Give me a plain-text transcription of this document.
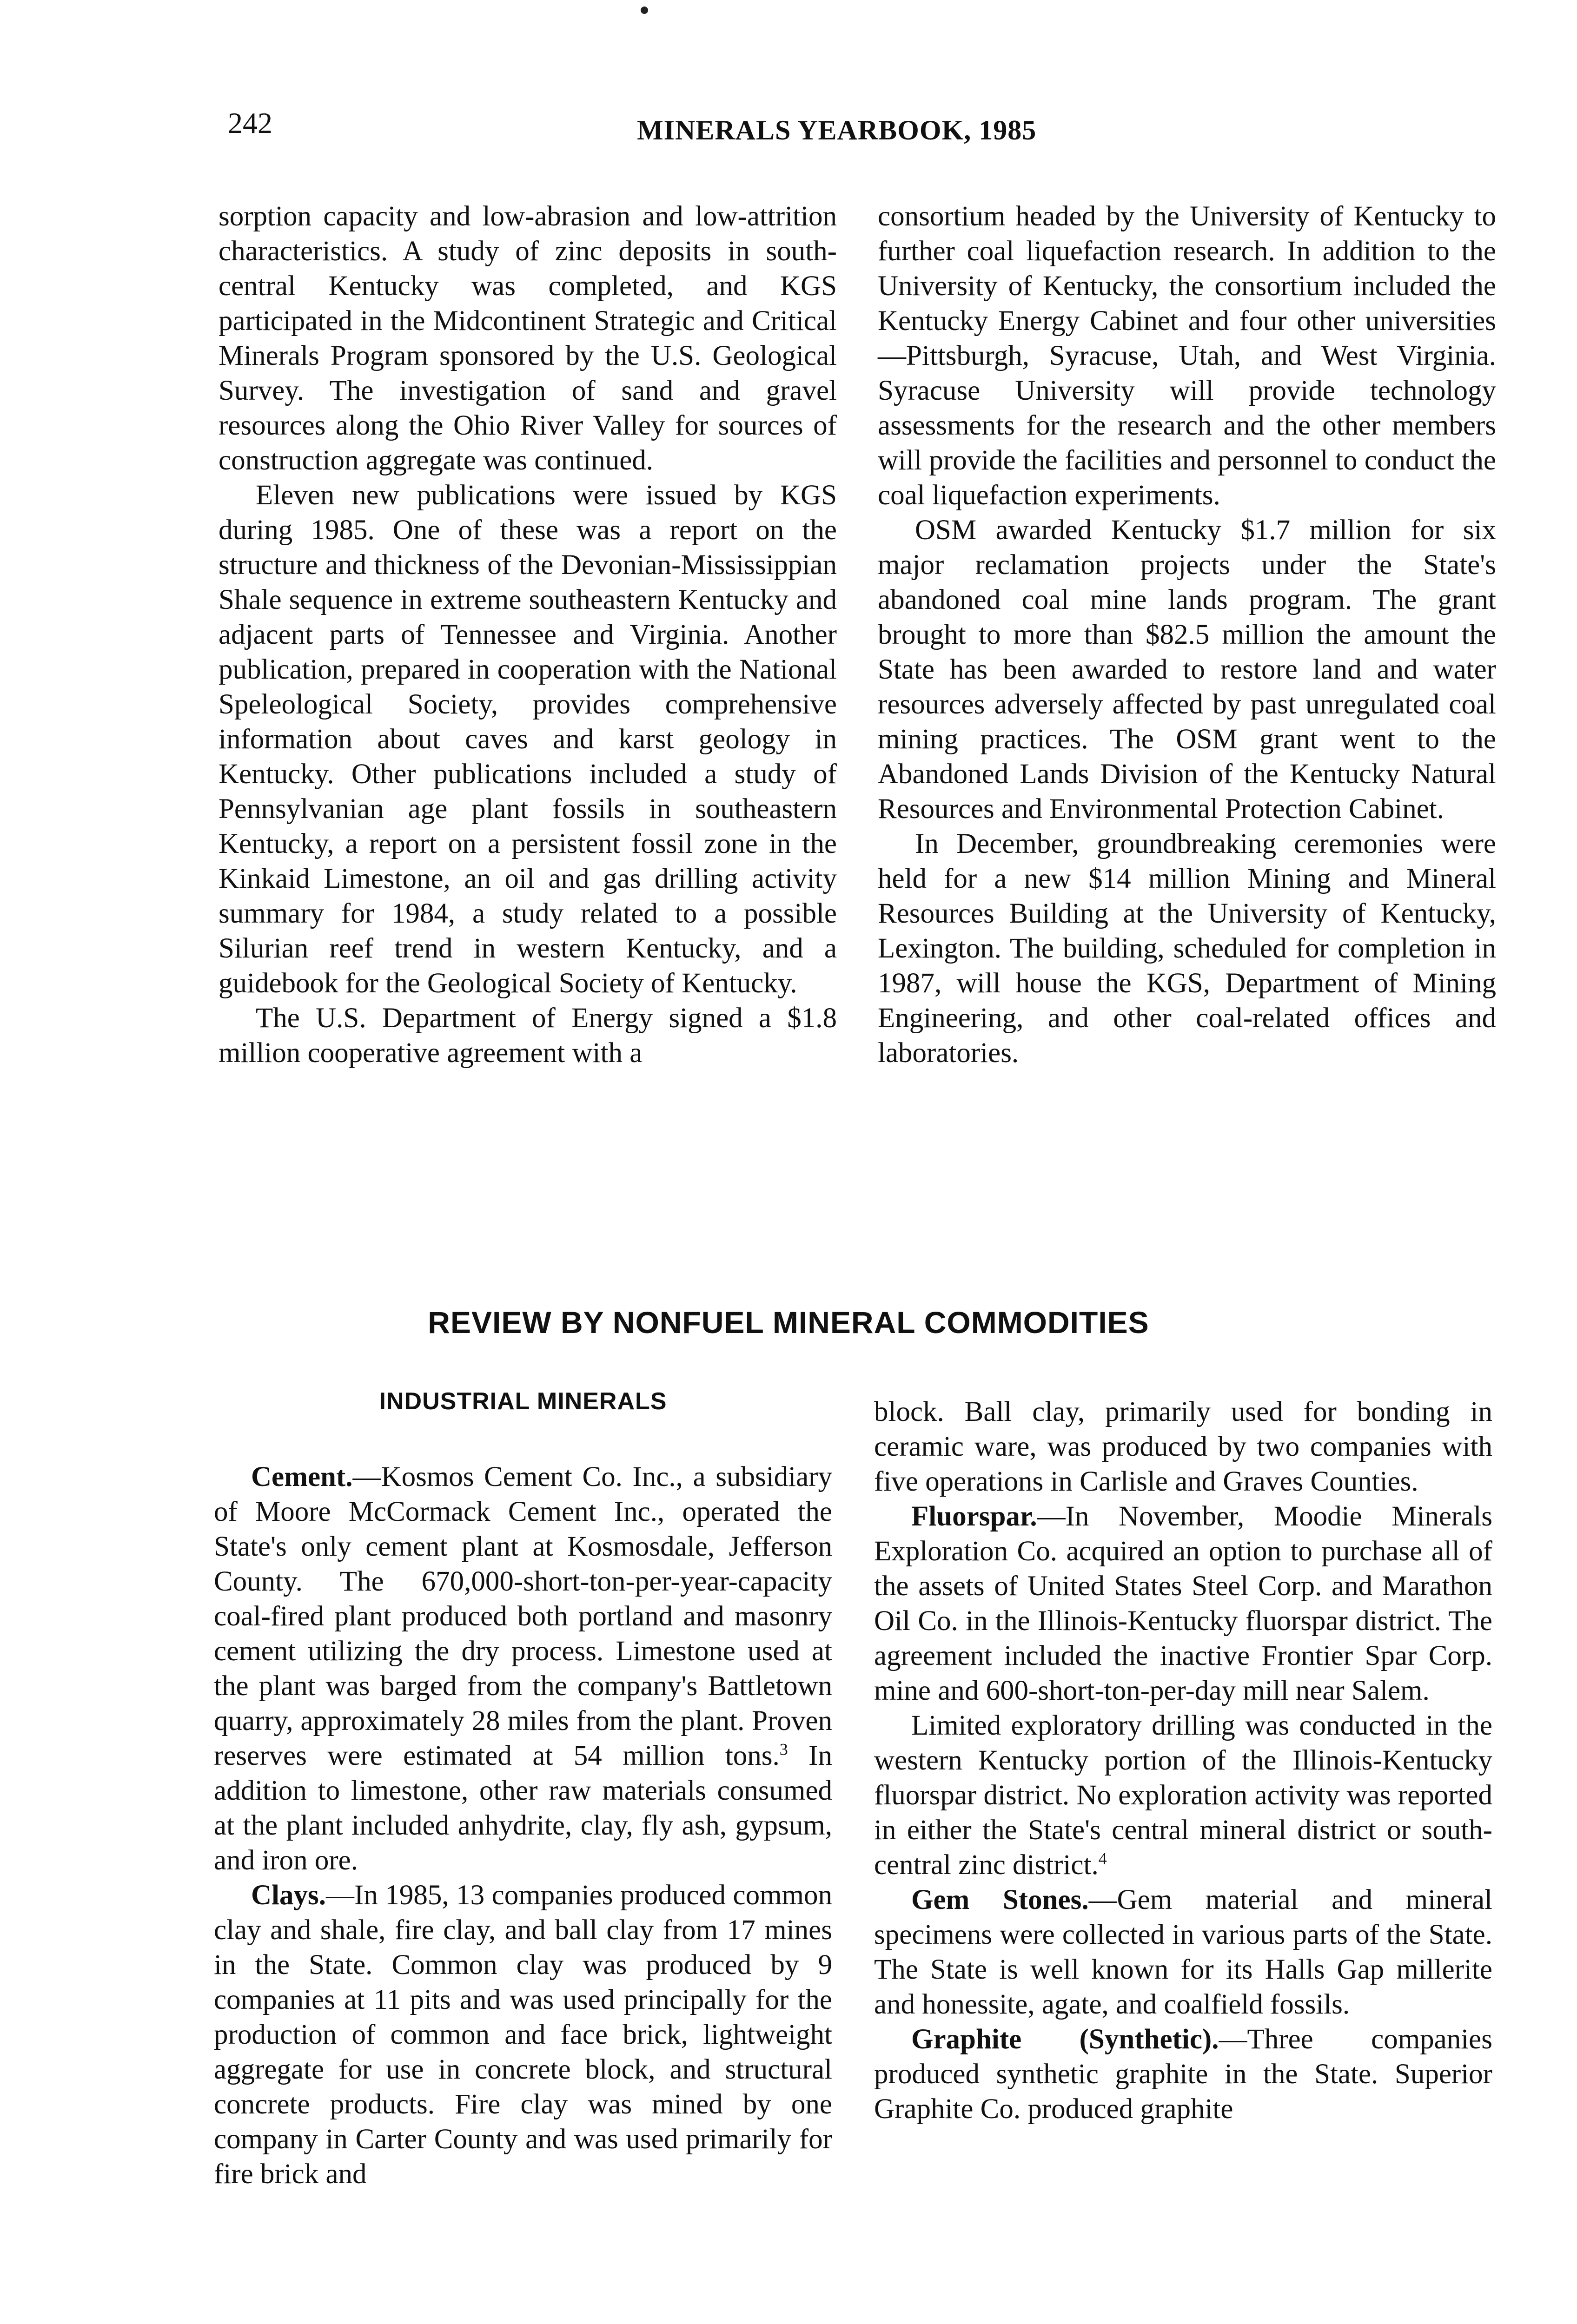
242	MINERALS YEARBOOK, 1985

sorption capacity and low-abrasion and low-attrition characteristics. A study of zinc deposits in south-central Kentucky was completed, and KGS participated in the Midcontinent Strategic and Critical Minerals Program sponsored by the U.S. Geological Survey. The investigation of sand and gravel resources along the Ohio River Valley for sources of construction aggregate was continued.

Eleven new publications were issued by KGS during 1985. One of these was a report on the structure and thickness of the Devonian-Mississippian Shale sequence in extreme southeastern Kentucky and adjacent parts of Tennessee and Virginia. Another publication, prepared in cooperation with the National Speleological Society, provides comprehensive information about caves and karst geology in Kentucky. Other publications included a study of Pennsylvanian age plant fossils in southeastern Kentucky, a report on a persistent fossil zone in the Kinkaid Limestone, an oil and gas drilling activity summary for 1984, a study related to a possible Silurian reef trend in western Kentucky, and a guidebook for the Geological Society of Kentucky.

The U.S. Department of Energy signed a $1.8 million cooperative agreement with a

consortium headed by the University of Kentucky to further coal liquefaction research. In addition to the University of Kentucky, the consortium included the Kentucky Energy Cabinet and four other universities—Pittsburgh, Syracuse, Utah, and West Virginia. Syracuse University will provide technology assessments for the research and the other members will provide the facilities and personnel to conduct the coal liquefaction experiments.

OSM awarded Kentucky $1.7 million for six major reclamation projects under the State's abandoned coal mine lands program. The grant brought to more than $82.5 million the amount the State has been awarded to restore land and water resources adversely affected by past unregulated coal mining practices. The OSM grant went to the Abandoned Lands Division of the Kentucky Natural Resources and Environmental Protection Cabinet.

In December, groundbreaking ceremonies were held for a new $14 million Mining and Mineral Resources Building at the University of Kentucky, Lexington. The building, scheduled for completion in 1987, will house the KGS, Department of Mining Engineering, and other coal-related offices and laboratories.

REVIEW BY NONFUEL MINERAL COMMODITIES
INDUSTRIAL MINERALS

Cement.—Kosmos Cement Co. Inc., a subsidiary of Moore McCormack Cement Inc., operated the State's only cement plant at Kosmosdale, Jefferson County. The 670,000-short-ton-per-year-capacity coal-fired plant produced both portland and masonry cement utilizing the dry process. Limestone used at the plant was barged from the company's Battletown quarry, approximately 28 miles from the plant. Proven reserves were estimated at 54 million tons.$^3$ In addition to limestone, other raw materials consumed at the plant included anhydrite, clay, fly ash, gypsum, and iron ore.

Clays.—In 1985, 13 companies produced common clay and shale, fire clay, and ball clay from 17 mines in the State. Common clay was produced by 9 companies at 11 pits and was used principally for the production of common and face brick, lightweight aggregate for use in concrete block, and structural concrete products. Fire clay was mined by one company in Carter County and was used primarily for fire brick and

block. Ball clay, primarily used for bonding in ceramic ware, was produced by two companies with five operations in Carlisle and Graves Counties.

Fluorspar.—In November, Moodie Minerals Exploration Co. acquired an option to purchase all of the assets of United States Steel Corp. and Marathon Oil Co. in the Illinois-Kentucky fluorspar district. The agreement included the inactive Frontier Spar Corp. mine and 600-short-ton-per-day mill near Salem.

Limited exploratory drilling was conducted in the western Kentucky portion of the Illinois-Kentucky fluorspar district. No exploration activity was reported in either the State's central mineral district or south-central zinc district.$^4$

Gem Stones.—Gem material and mineral specimens were collected in various parts of the State. The State is well known for its Halls Gap millerite and honessite, agate, and coalfield fossils.

Graphite (Synthetic).—Three companies produced synthetic graphite in the State. Superior Graphite Co. produced graphite
